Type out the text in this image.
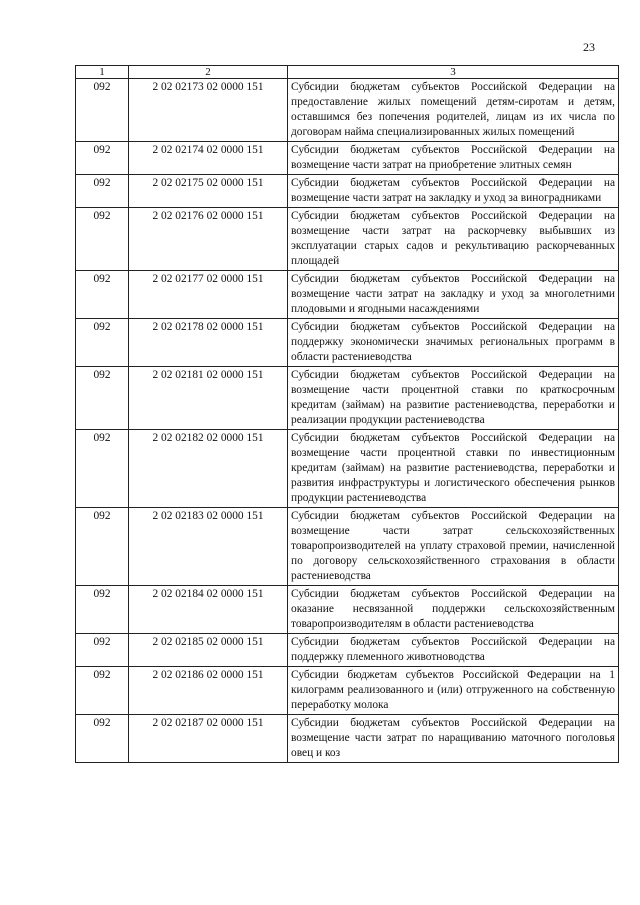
23
1	2	3
092	2 02 02173 02 0000 151	Субсидии бюджетам субъектов Российской Федерации на предоставление жилых помещений детям-сиротам и детям, оставшимся без попечения родителей, лицам из их числа по договорам найма специализированных жилых помещений
092	2 02 02174 02 0000 151	Субсидии бюджетам субъектов Российской Федерации на возмещение части затрат на приобретение элитных семян
092	2 02 02175 02 0000 151	Субсидии бюджетам субъектов Российской Федерации на возмещение части затрат на закладку и уход за виноградниками
092	2 02 02176 02 0000 151	Субсидии бюджетам субъектов Российской Федерации на возмещение части затрат на раскорчевку выбывших из эксплуатации старых садов и рекультивацию раскорчеванных площадей
092	2 02 02177 02 0000 151	Субсидии бюджетам субъектов Российской Федерации на возмещение части затрат на закладку и уход за многолетними плодовыми и ягодными насаждениями
092	2 02 02178 02 0000 151	Субсидии бюджетам субъектов Российской Федерации на поддержку экономически значимых региональных программ в области растениеводства
092	2 02 02181 02 0000 151	Субсидии бюджетам субъектов Российской Федерации на возмещение части процентной ставки по краткосрочным кредитам (займам) на развитие растениеводства, переработки и реализации продукции растениеводства
092	2 02 02182 02 0000 151	Субсидии бюджетам субъектов Российской Федерации на возмещение части процентной ставки по инвестиционным кредитам (займам) на развитие растениеводства, переработки и развития инфраструктуры и логистического обеспечения рынков продукции растениеводства
092	2 02 02183 02 0000 151	Субсидии бюджетам субъектов Российской Федерации на возмещение части затрат сельскохозяйственных товаропроизводителей на уплату страховой премии, начисленной по договору сельскохозяйственного страхования в области растениеводства
092	2 02 02184 02 0000 151	Субсидии бюджетам субъектов Российской Федерации на оказание несвязанной поддержки сельскохозяйственным товаропроизводителям в области растениеводства
092	2 02 02185 02 0000 151	Субсидии бюджетам субъектов Российской Федерации на поддержку племенного животноводства
092	2 02 02186 02 0000 151	Субсидии бюджетам субъектов Российской Федерации на 1 килограмм реализованного и (или) отгруженного на собственную переработку молока
092	2 02 02187 02 0000 151	Субсидии бюджетам субъектов Российской Федерации на возмещение части затрат по наращиванию маточного поголовья овец и коз
